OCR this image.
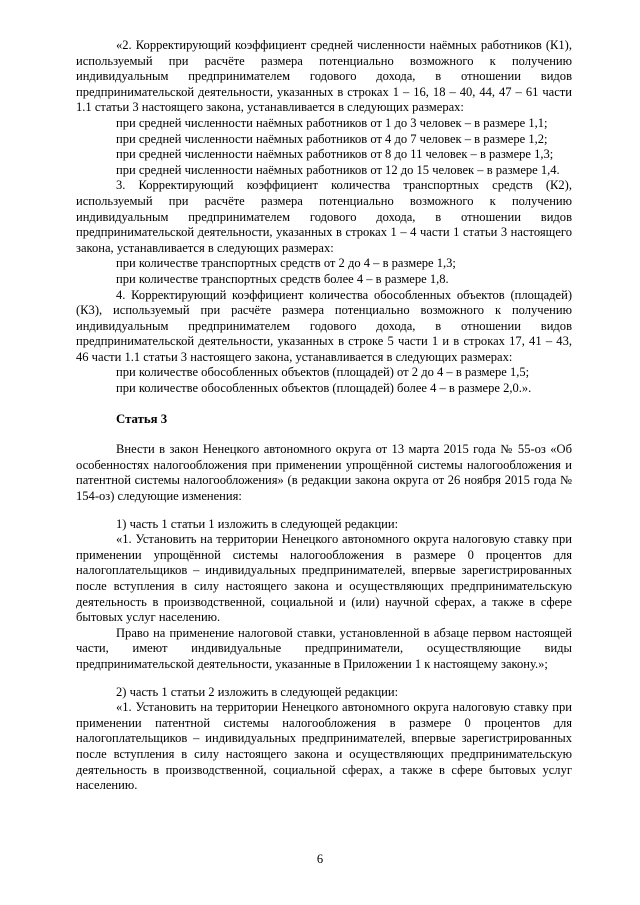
«2. Корректирующий коэффициент средней численности наёмных работников (К1), используемый при расчёте размера потенциально возможного к получению индивидуальным предпринимателем годового дохода, в отношении видов предпринимательской деятельности, указанных в строках 1 – 16, 18 – 40, 44, 47 – 61 части 1.1 статьи 3 настоящего закона, устанавливается в следующих размерах:

при средней численности наёмных работников от 1 до 3 человек – в размере 1,1;

при средней численности наёмных работников от 4 до 7 человек – в размере 1,2;

при средней численности наёмных работников от 8 до 11 человек – в размере 1,3;

при средней численности наёмных работников от 12 до 15 человек – в размере 1,4.

3. Корректирующий коэффициент количества транспортных средств (К2), используемый при расчёте размера потенциально возможного к получению индивидуальным предпринимателем годового дохода, в отношении видов предпринимательской деятельности, указанных в строках 1 – 4 части 1 статьи 3 настоящего закона, устанавливается в следующих размерах:

при количестве транспортных средств от 2 до 4 – в размере 1,3;

при количестве транспортных средств более 4 – в размере 1,8.

4. Корректирующий коэффициент количества обособленных объектов (площадей) (К3), используемый при расчёте размера потенциально возможного к получению индивидуальным предпринимателем годового дохода, в отношении видов предпринимательской деятельности, указанных в строке 5 части 1 и в строках 17, 41 – 43, 46 части 1.1 статьи 3 настоящего закона, устанавливается в следующих размерах:

при количестве обособленных объектов (площадей) от 2 до 4 – в размере 1,5;

при количестве обособленных объектов (площадей) более 4 – в размере 2,0.».

Статья 3

Внести в закон Ненецкого автономного округа от 13 марта 2015 года № 55-оз «Об особенностях налогообложения при применении упрощённой системы налогообложения и патентной системы налогообложения» (в редакции закона округа от 26 ноября 2015 года № 154-оз) следующие изменения:

1) часть 1 статьи 1 изложить в следующей редакции:

«1. Установить на территории Ненецкого автономного округа налоговую ставку при применении упрощённой системы налогообложения в размере 0 процентов для налогоплательщиков – индивидуальных предпринимателей, впервые зарегистрированных после вступления в силу настоящего закона и осуществляющих предпринимательскую деятельность в производственной, социальной и (или) научной сферах, а также в сфере бытовых услуг населению.

Право на применение налоговой ставки, установленной в абзаце первом настоящей части, имеют индивидуальные предприниматели, осуществляющие виды предпринимательской деятельности, указанные в Приложении 1 к настоящему закону.»;

2) часть 1 статьи 2 изложить в следующей редакции:

«1. Установить на территории Ненецкого автономного округа налоговую ставку при применении патентной системы налогообложения в размере 0 процентов для налогоплательщиков – индивидуальных предпринимателей, впервые зарегистрированных после вступления в силу настоящего закона и осуществляющих предпринимательскую деятельность в производственной, социальной сферах, а также в сфере бытовых услуг населению.

6
